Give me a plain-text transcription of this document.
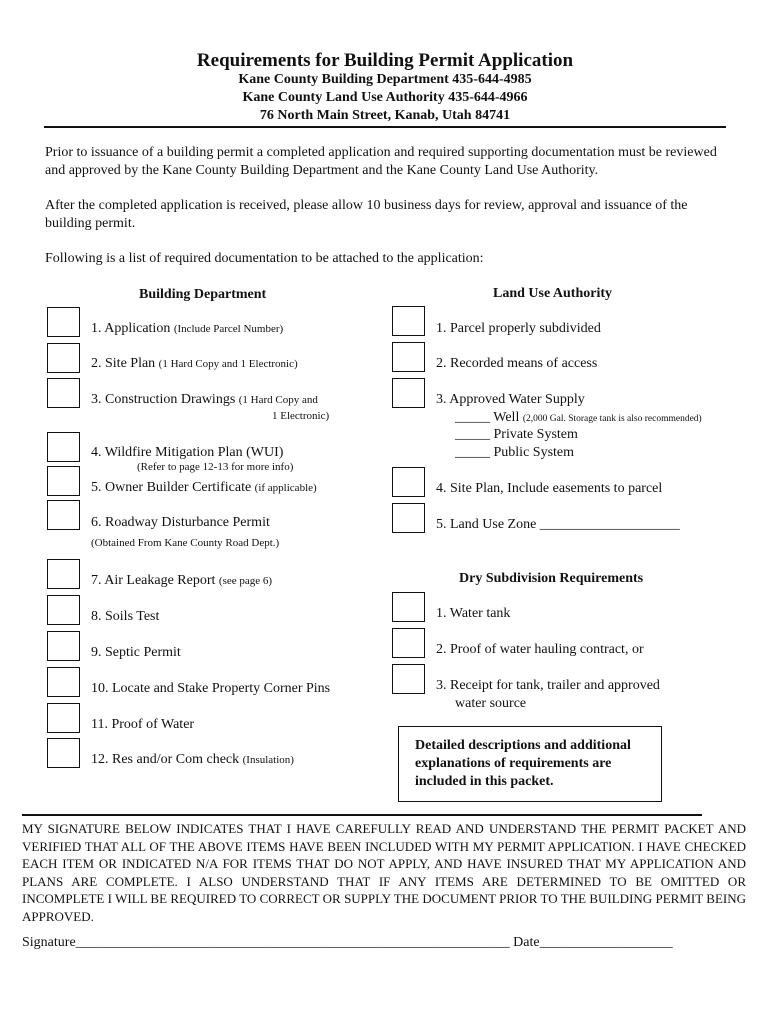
Requirements for Building Permit Application
Kane County Building Department 435-644-4985
Kane County Land Use Authority 435-644-4966
76 North Main Street, Kanab, Utah 84741
Prior to issuance of a building permit a completed application and required supporting documentation must be reviewed and approved by the Kane County Building Department and the Kane County Land Use Authority.
After the completed application is received, please allow 10 business days for review, approval and issuance of the building permit.
Following is a list of required documentation to be attached to the application:
Building Department	Land Use Authority
1. Application (Include Parcel Number)
2. Site Plan (1 Hard Copy and 1 Electronic)
3. Construction Drawings (1 Hard Copy and
1 Electronic)
4. Wildfire Mitigation Plan (WUI)
(Refer to page 12-13 for more info)
5. Owner Builder Certificate (if applicable)
6. Roadway Disturbance Permit
(Obtained From Kane County Road Dept.)
7. Air Leakage Report (see page 6)
8. Soils Test
9. Septic Permit
10. Locate and Stake Property Corner Pins
11. Proof of Water
12. Res and/or Com check (Insulation)
1. Parcel properly subdivided
2. Recorded means of access
3. Approved Water Supply
_____ Well (2,000 Gal. Storage tank is also recommended)
_____ Private System
_____ Public System
4. Site Plan, Include easements to parcel
5. Land Use Zone ____________________
Dry Subdivision Requirements
1. Water tank
2. Proof of water hauling contract, or
3. Receipt for tank, trailer and approved
water source
Detailed descriptions and additional explanations of requirements are included in this packet.
MY SIGNATURE BELOW INDICATES THAT I HAVE CAREFULLY READ AND UNDERSTAND THE PERMIT PACKET AND VERIFIED THAT ALL OF THE ABOVE ITEMS HAVE BEEN INCLUDED WITH MY PERMIT APPLICATION. I HAVE CHECKED EACH ITEM OR INDICATED N/A FOR ITEMS THAT DO NOT APPLY, AND HAVE INSURED THAT MY APPLICATION AND PLANS ARE COMPLETE. I ALSO UNDERSTAND THAT IF ANY ITEMS ARE DETERMINED TO BE OMITTED OR INCOMPLETE I WILL BE REQUIRED TO CORRECT OR SUPPLY THE DOCUMENT PRIOR TO THE BUILDING PERMIT BEING APPROVED.
Signature______________________________________________________________ Date___________________
